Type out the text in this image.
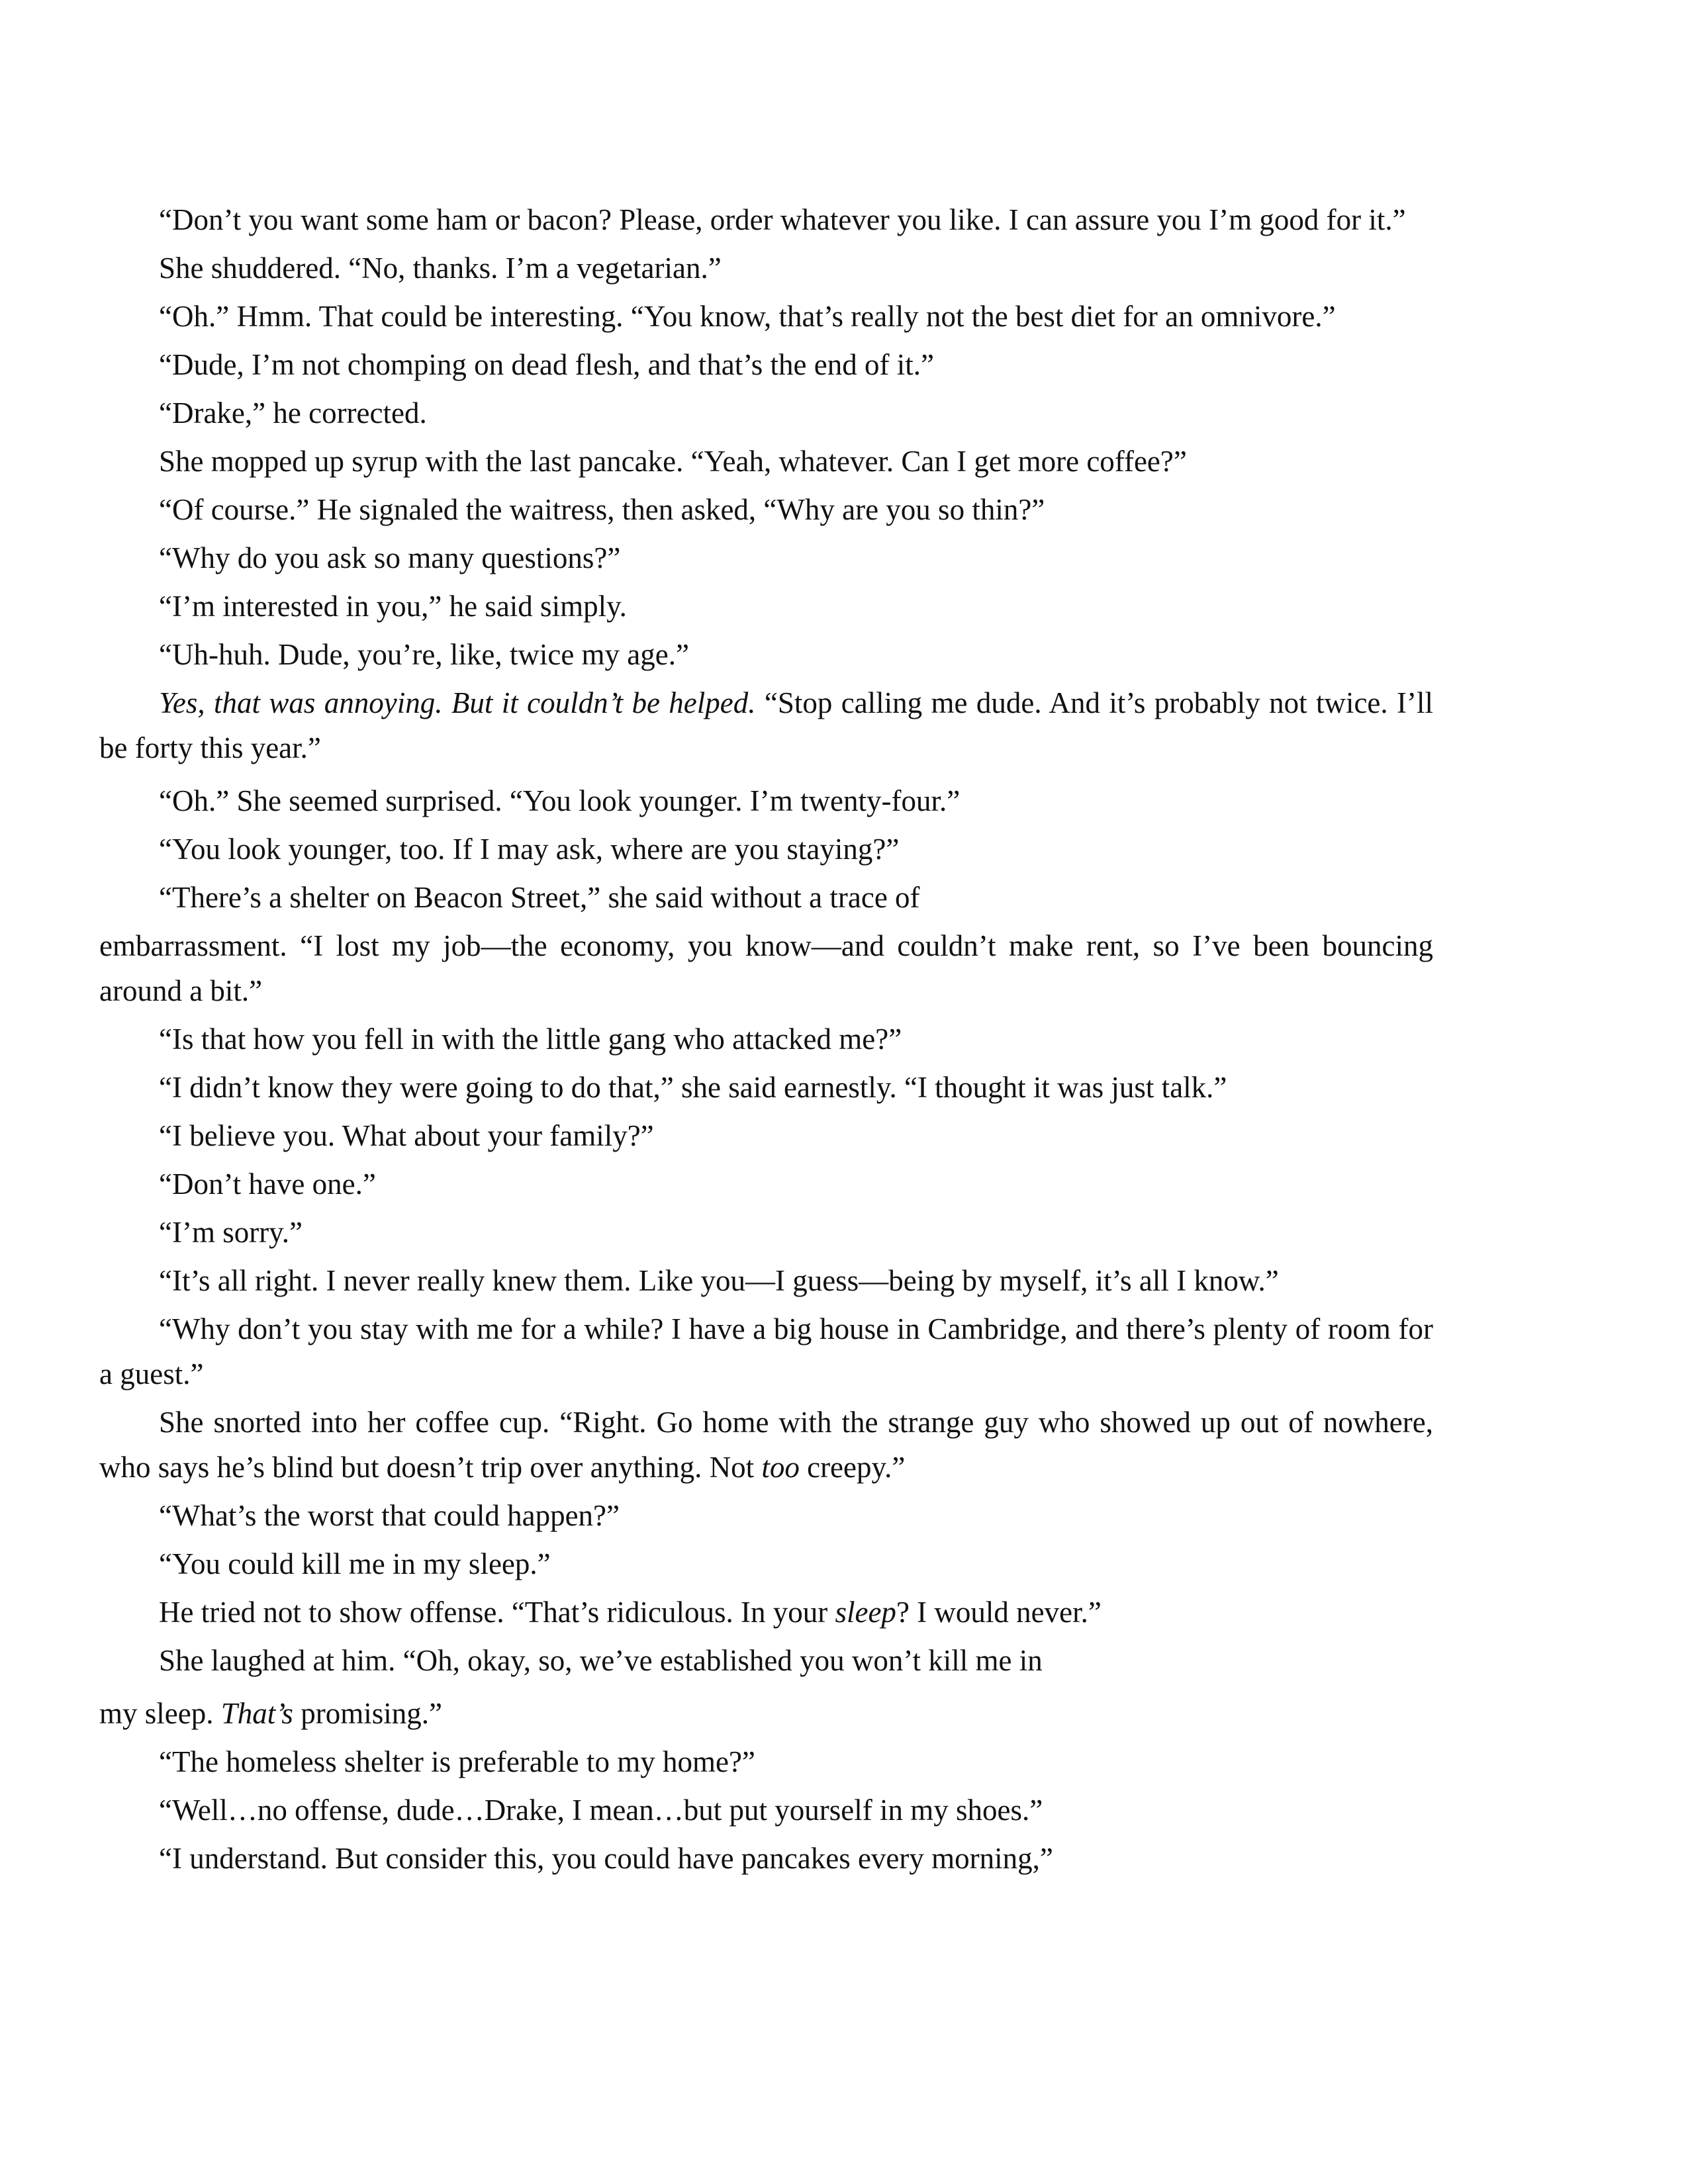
“Don’t you want some ham or bacon? Please, order whatever you like. I can assure you I’m good for it.”

She shuddered. “No, thanks. I’m a vegetarian.”

“Oh.” Hmm. That could be interesting. “You know, that’s really not the best diet for an omnivore.”

“Dude, I’m not chomping on dead flesh, and that’s the end of it.”

“Drake,” he corrected.

She mopped up syrup with the last pancake. “Yeah, whatever. Can I get more coffee?”

“Of course.” He signaled the waitress, then asked, “Why are you so thin?”

“Why do you ask so many questions?”

“I’m interested in you,” he said simply.

“Uh-huh. Dude, you’re, like, twice my age.”

Yes, that was annoying. But it couldn’t be helped. “Stop calling me dude. And it’s probably not twice. I’ll be forty this year.”

“Oh.” She seemed surprised. “You look younger. I’m twenty-four.”

“You look younger, too. If I may ask, where are you staying?”

“There’s a shelter on Beacon Street,” she said without a trace of

embarrassment. “I lost my job—the economy, you know—and couldn’t make rent, so I’ve been bouncing around a bit.”

“Is that how you fell in with the little gang who attacked me?”

“I didn’t know they were going to do that,” she said earnestly. “I thought it was just talk.”

“I believe you. What about your family?”

“Don’t have one.”

“I’m sorry.”

“It’s all right. I never really knew them. Like you—I guess—being by myself, it’s all I know.”

“Why don’t you stay with me for a while? I have a big house in Cambridge, and there’s plenty of room for a guest.”

She snorted into her coffee cup. “Right. Go home with the strange guy who showed up out of nowhere, who says he’s blind but doesn’t trip over anything. Not too creepy.”

“What’s the worst that could happen?”

“You could kill me in my sleep.”

He tried not to show offense. “That’s ridiculous. In your sleep? I would never.”

She laughed at him. “Oh, okay, so, we’ve established you won’t kill me in

my sleep. That’s promising.”

“The homeless shelter is preferable to my home?”

“Well…no offense, dude…Drake, I mean…but put yourself in my shoes.”

“I understand. But consider this, you could have pancakes every morning,”
